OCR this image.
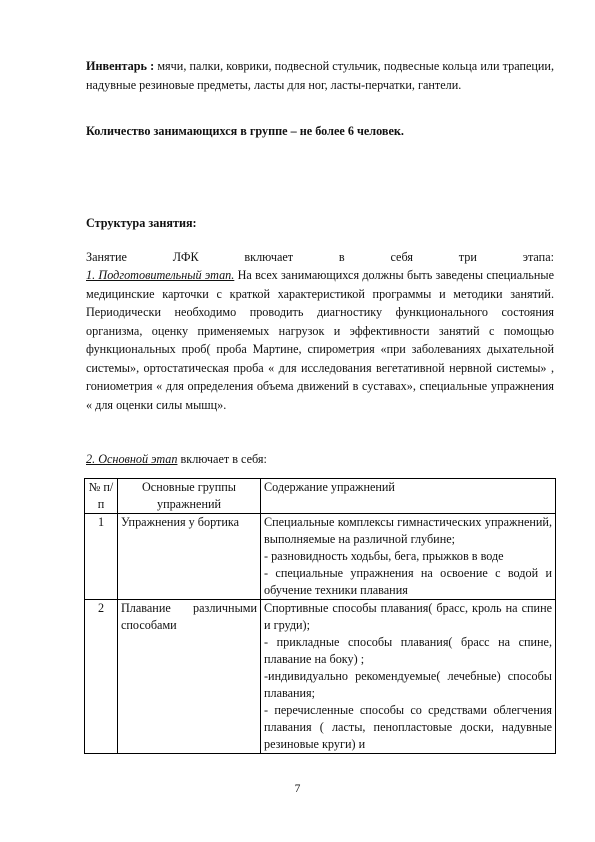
Инвентарь : мячи, палки, коврики, подвесной стульчик, подвесные кольца или трапеции, надувные резиновые предметы, ласты для ног, ласты-перчатки, гантели.
Количество занимающихся в группе – не более 6 человек.
Структура занятия:
Занятие ЛФК включает в себя три этапа:
1. Подготовительный этап. На всех занимающихся должны быть заведены специальные медицинские карточки с краткой характеристикой программы и методики занятий. Периодически необходимо проводить диагностику функционального состояния организма, оценку применяемых нагрузок и эффективности занятий с помощью функциональных проб( проба Мартине, спирометрия «при заболеваниях дыхательной системы», ортостатическая проба « для исследования вегетативной нервной системы» , гониометрия « для определения объема движений в суставах», специальные упражнения « для оценки силы мышц».
2. Основной этап включает в себя:
№ п/п	Основные группы упражнений	Содержание упражнений
1	Упражнения у бортика	Специальные комплексы гимнастических упражнений, выполняемые на различной глубине;

- разновидность ходьбы, бега, прыжков в воде

- специальные упражнения на освоение с водой и обучение техники плавания

2	Плавание различными способами	Спортивные способы плавания( брасс, кроль на спине и груди);

- прикладные способы плавания( брасс на спине, плавание на боку) ;

-индивидуально рекомендуемые( лечебные) способы плавания;

- перечисленные способы со средствами облегчения плавания ( ласты, пенопластовые доски, надувные резиновые круги) и

7
